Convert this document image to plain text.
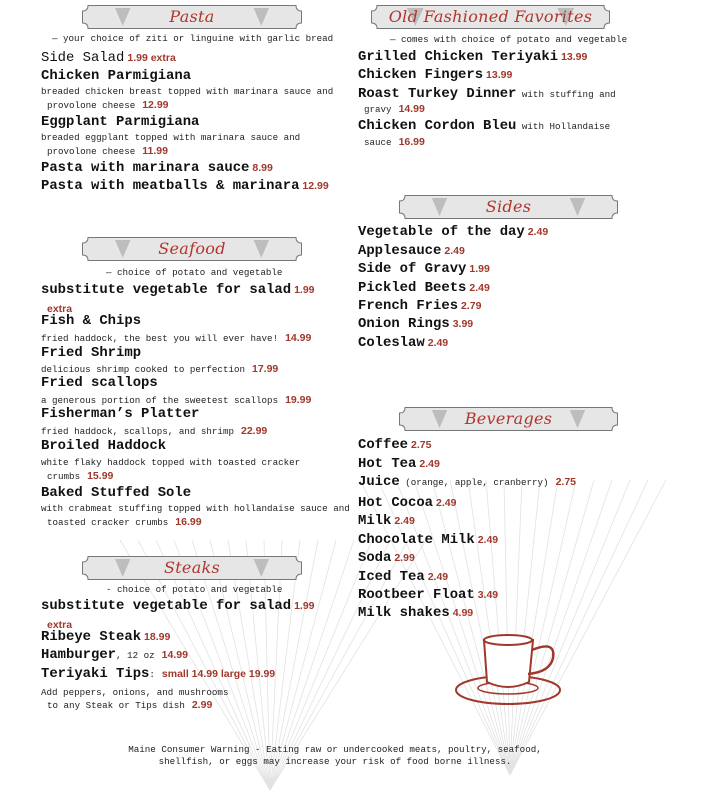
Maine Consumer Warning - Eating raw or undercooked meats, poultry, seafood,
shellfish, or eggs may increase your risk of food borne illness.
Pasta
— your choice of ziti or linguine with garlic bread
Side Salad 1.99 extra
Chicken Parmigiana
breaded chicken breast topped with marinara sauce and
provolone cheese 12.99
Eggplant Parmigiana
breaded eggplant topped with marinara sauce and
provolone cheese 11.99
Pasta with marinara sauce 8.99
Pasta with meatballs & marinara 12.99
Seafood
— choice of potato and vegetable
substitute vegetable for salad 1.99
extra
Fish & Chips
fried haddock, the best you will ever have! 14.99
Fried Shrimp
delicious shrimp cooked to perfection 17.99
Fried scallops
a generous portion of the sweetest scallops 19.99
Fisherman’s Platter
fried haddock, scallops, and shrimp 22.99
Broiled Haddock
white flaky haddock topped with toasted cracker
crumbs 15.99
Baked Stuffed Sole
with crabmeat stuffing topped with hollandaise sauce and
toasted cracker crumbs 16.99
Steaks
- choice of potato and vegetable
substitute vegetable for salad 1.99
extra
Ribeye Steak 18.99
Hamburger, 12 oz 14.99
Teriyaki Tips: small 14.99 large 19.99
Add peppers, onions, and mushrooms
to any Steak or Tips dish 2.99
Old Fashioned Favorites
— comes with choice of potato and vegetable
Grilled Chicken Teriyaki 13.99
Chicken Fingers 13.99
Roast Turkey Dinner with stuffing and
gravy 14.99
Chicken Cordon Bleu with Hollandaise
sauce 16.99
Sides
Vegetable of the day 2.49
Applesauce 2.49
Side of Gravy 1.99
Pickled Beets 2.49
French Fries 2.79
Onion Rings 3.99
Coleslaw 2.49
Beverages
Coffee 2.75
Hot Tea 2.49
Juice (orange, apple, cranberry) 2.75
Hot Cocoa 2.49
Milk 2.49
Chocolate Milk 2.49
Soda 2.99
Iced Tea 2.49
Rootbeer Float 3.49
Milk shakes 4.99
